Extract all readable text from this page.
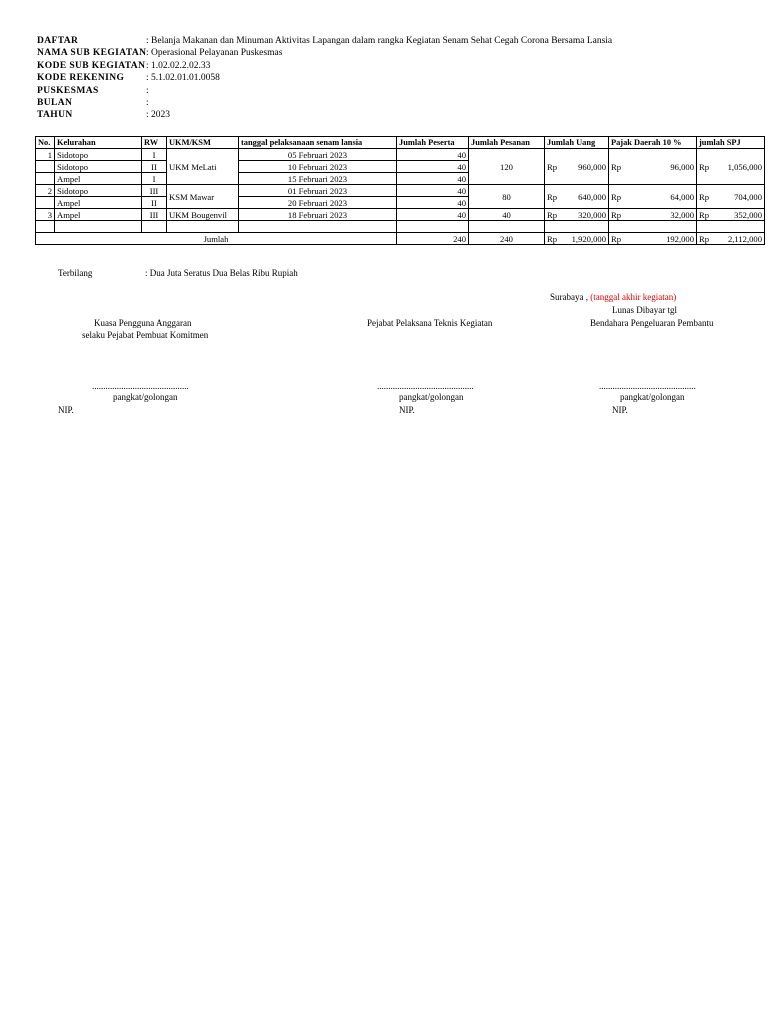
DAFTAR	: Belanja Makanan dan Minuman Aktivitas Lapangan dalam rangka Kegiatan Senam Sehat Cegah Corona Bersama Lansia
NAMA SUB KEGIATAN : Operasional Pelayanan Puskesmas
KODE SUB KEGIATAN : 1.02.02.2.02.33
KODE REKENING	: 5.1.02.01.01.0058
PUSKESMAS	:
BULAN	:
TAHUN	: 2023
No.	Kelurahan	RW	UKM/KSM	tanggal pelaksanaan senam lansia	Jumlah Peserta	Jumlah Pesanan	Jumlah Uang	Pajak Daerah 10 %	jumlah SPJ
1	Sidotopo	I	UKM MeLati	05 Februari 2023	40	120	Rp 960,000	Rp 96,000	Rp 1,056,000

	Sidotopo	II		10 Februari 2023	40				
	Ampel	I		15 Februari 2023	40				
2	Sidotopo	III	KSM Mawar	01 Februari 2023	40	80	Rp 640,000	Rp 64,000	Rp 704,000

	Ampel	II		20 Februari 2023	40				
3	Ampel	III	UKM Bougenvil	18 Februari 2023	40	40	Rp 320,000	Rp 32,000	Rp 352,000

Jumlah					240	240	Rp 1,920,000	Rp 192,000	Rp 2,112,000
Terbilang	: Dua Juta Seratus Dua Belas Ribu Rupiah
Surabaya , (tanggal akhir kegiatan)
Lunas Dibayar tgl
Kuasa Pengguna Anggaran
selaku Pejabat Pembuat Komitmen
Pejabat Pelaksana Teknis Kegiatan	Bendahara Pengeluaran Pembantu
...........................................
pangkat/golongan
NIP.
...........................................
pangkat/golongan
NIP.
...........................................
pangkat/golongan
NIP.
